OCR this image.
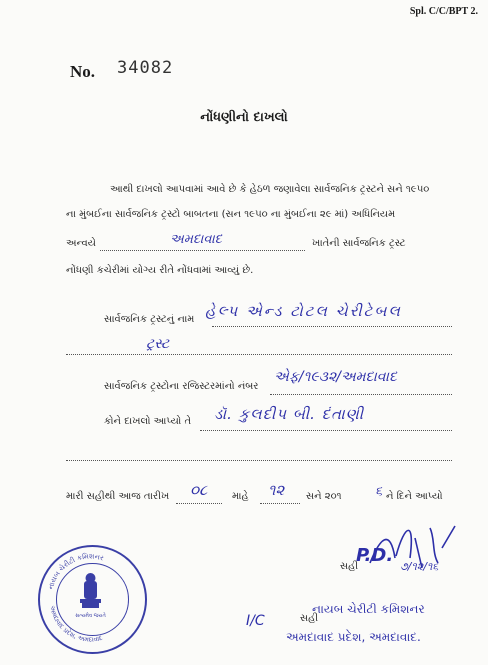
Spl. C/C/BPT 2.
No. 34082
નોંધણીનો દાખલો
આથી દાખલો આપવામાં આવે છે કે હેઠળ જણાવેલા સાર્વજનિક ટ્રસ્ટને સને ૧૯૫૦
ના મુંબઈના સાર્વજનિક ટ્રસ્ટો બાબતના (સન ૧૯૫૦ ના મુંબઈના ૨૯ માં) અધિનિયમ
અન્વયે	અમદાવાદ	ખાતેની સાર્વજનિક ટ્રસ્ટ
નોંધણી કચેરીમાં યોગ્ય રીતે નોંધવામાં આવ્યું છે.
સાર્વજનિક ટ્રસ્ટનું નામ હેલ્પ એન્ડ ટોટલ ચેરીટેબલ
ટ્રસ્ટ
સાર્વજનિક ટ્રસ્ટોના રજિસ્ટરમાંનો નંબર
એફ/૧૯૩૨/અમદાવાદ
કોને દાખલો આપ્યો તે ડૉ. કુલદીપ બી. દંતાણી
મારી સહીથી આજ તારીખ ૦૮ માહે ૧૨ સને ૨૦૧	૬ ને દિને આપ્યો
નાયબ ચેરીટી કમિશનર
અમદાવાદ પ્રદેશ, અમદાવાદ
સત્યમેવ જયતે
સહી
P.D.
૭/૧૨/૧૬
I/C	સહી
નાયબ ચેરીટી કમિશનર
અમદાવાદ પ્રદેશ, અમદાવાદ.
